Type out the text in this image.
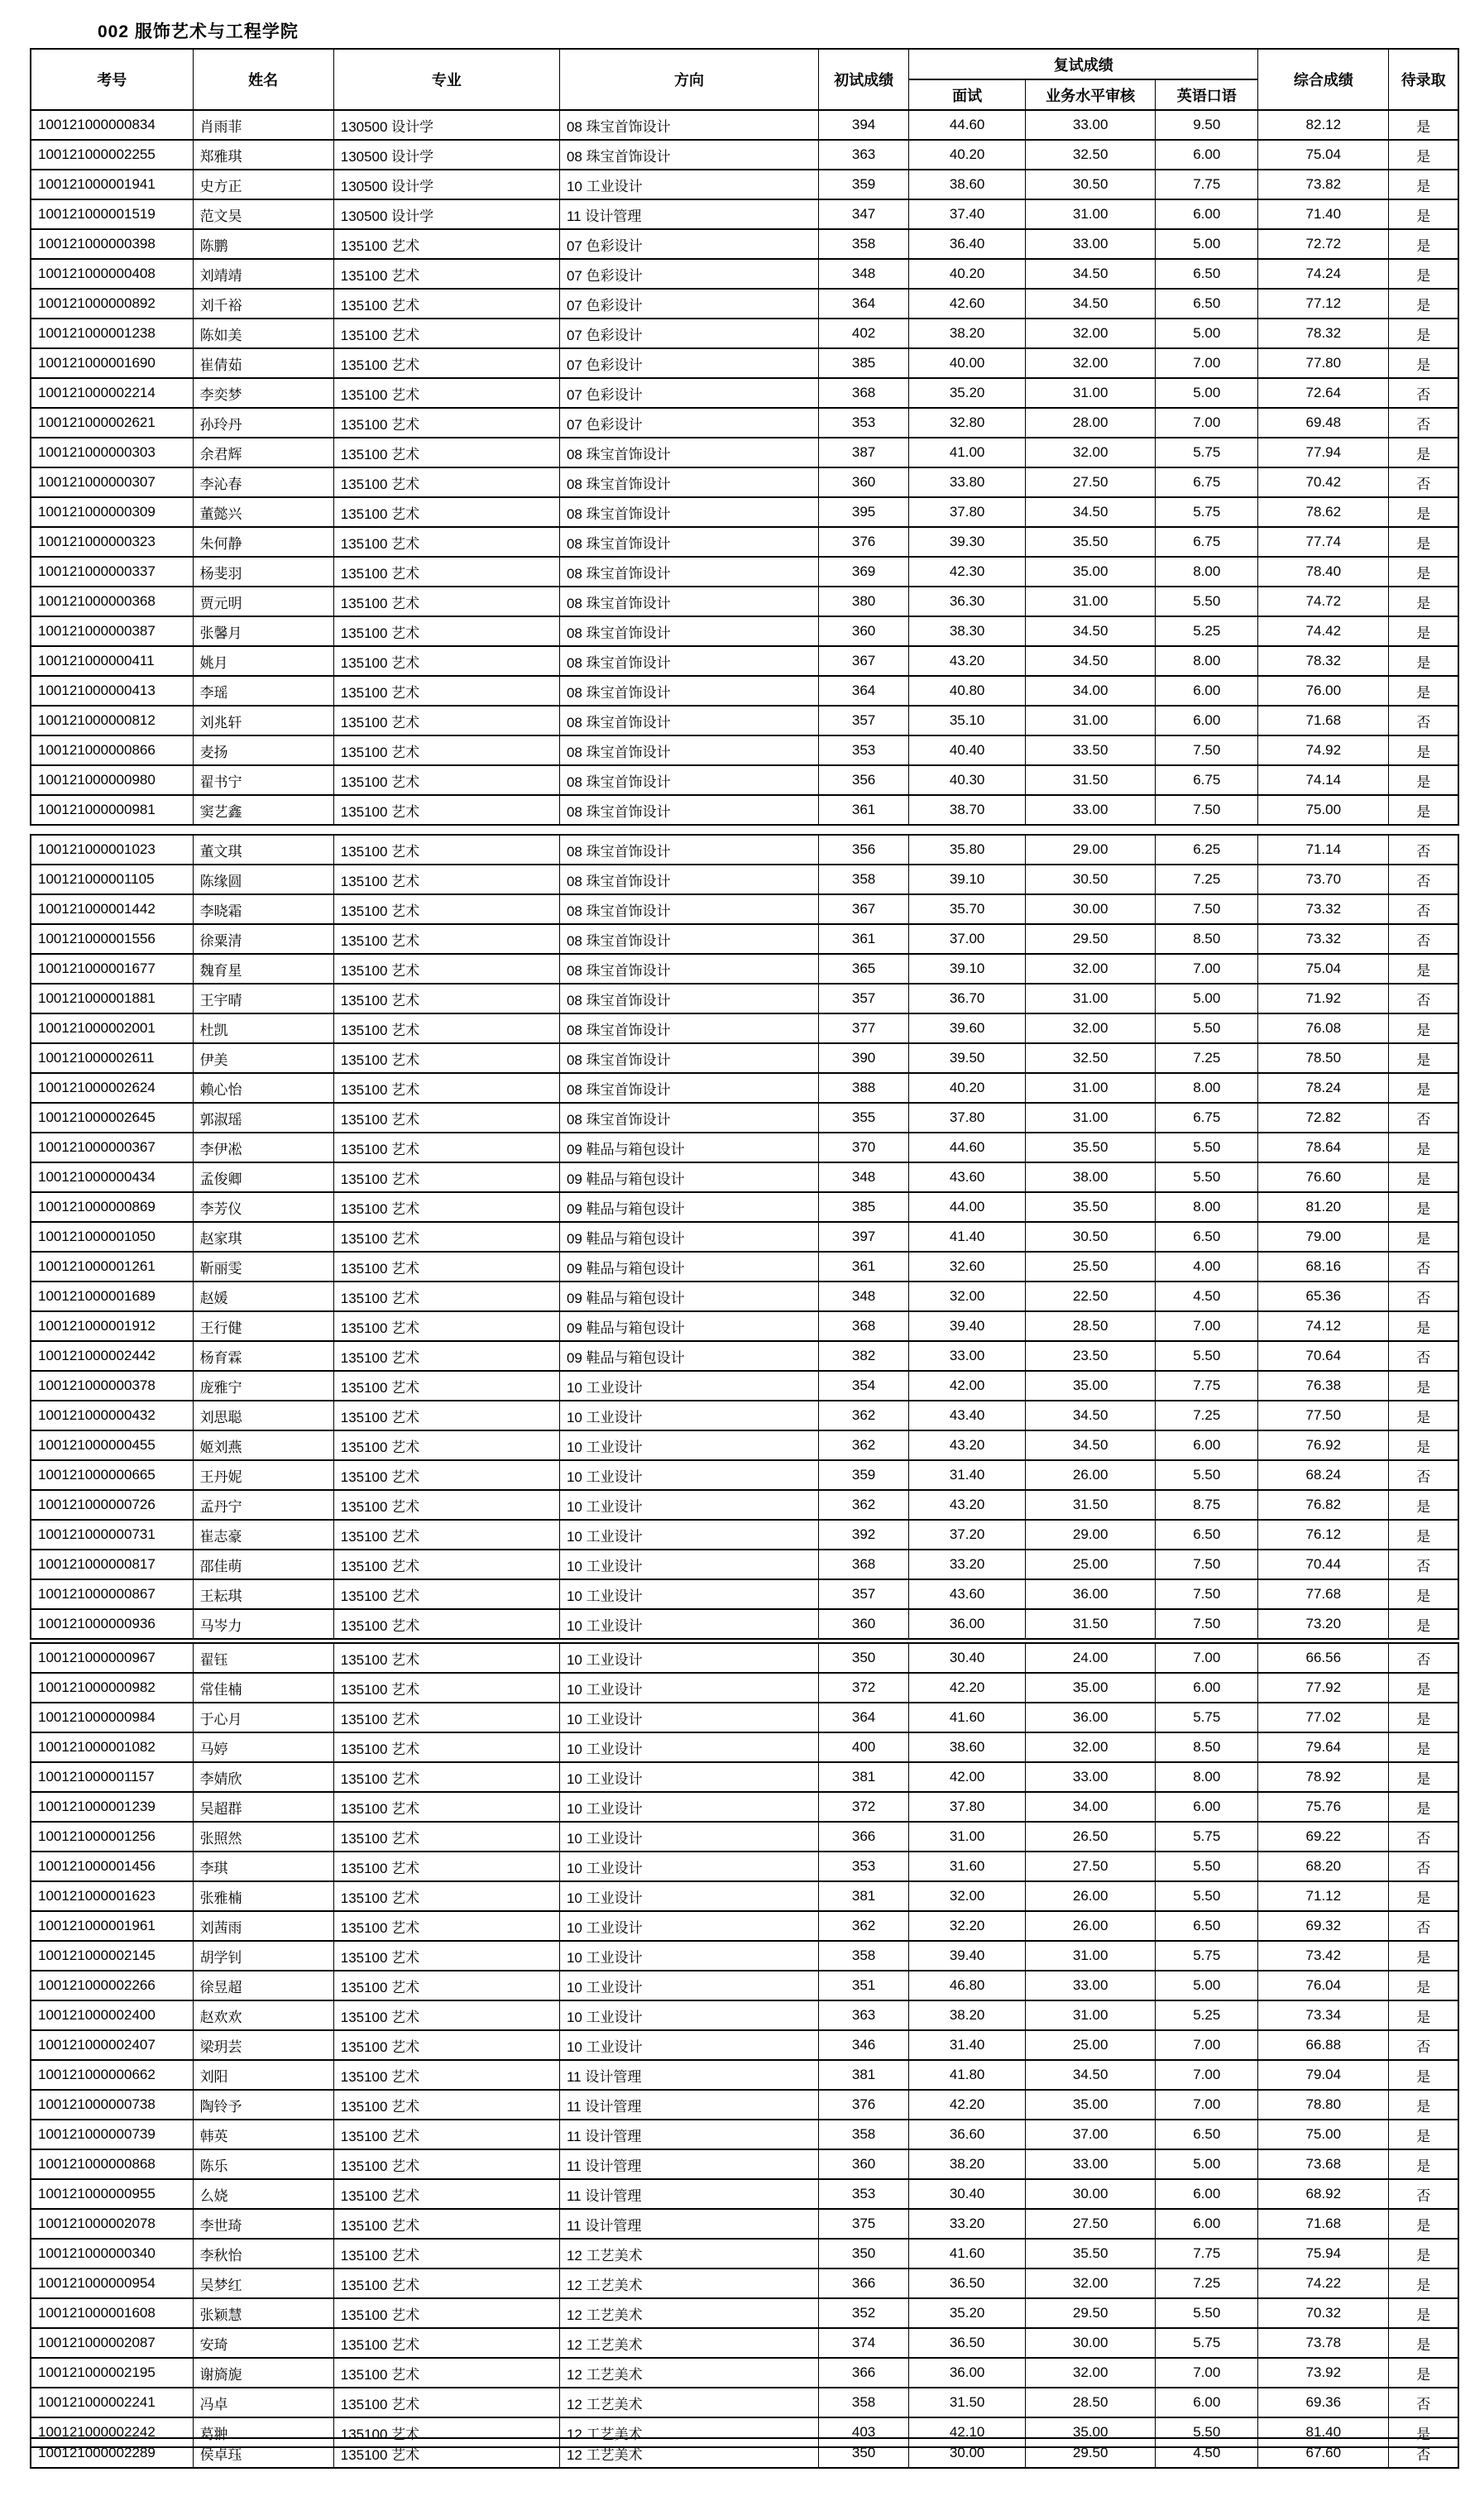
002 服饰艺术与工程学院
考号	姓名	专业	方向	初试成绩	复试成绩			综合成绩	待录取
					面试	业务水平审核	英语口语		
100121000000834	肖雨菲	130500 设计学	08 珠宝首饰设计	394	44.60	33.00	9.50	82.12	是
100121000002255	郑雅琪	130500 设计学	08 珠宝首饰设计	363	40.20	32.50	6.00	75.04	是
100121000001941	史方正	130500 设计学	10 工业设计	359	38.60	30.50	7.75	73.82	是
100121000001519	范文昊	130500 设计学	11 设计管理	347	37.40	31.00	6.00	71.40	是
100121000000398	陈鹏	135100 艺术	07 色彩设计	358	36.40	33.00	5.00	72.72	是
100121000000408	刘靖靖	135100 艺术	07 色彩设计	348	40.20	34.50	6.50	74.24	是
100121000000892	刘千裕	135100 艺术	07 色彩设计	364	42.60	34.50	6.50	77.12	是
100121000001238	陈如美	135100 艺术	07 色彩设计	402	38.20	32.00	5.00	78.32	是
100121000001690	崔倩茹	135100 艺术	07 色彩设计	385	40.00	32.00	7.00	77.80	是
100121000002214	李奕梦	135100 艺术	07 色彩设计	368	35.20	31.00	5.00	72.64	否
100121000002621	孙玲丹	135100 艺术	07 色彩设计	353	32.80	28.00	7.00	69.48	否
100121000000303	余君辉	135100 艺术	08 珠宝首饰设计	387	41.00	32.00	5.75	77.94	是
100121000000307	李沁春	135100 艺术	08 珠宝首饰设计	360	33.80	27.50	6.75	70.42	否
100121000000309	董懿兴	135100 艺术	08 珠宝首饰设计	395	37.80	34.50	5.75	78.62	是
100121000000323	朱何静	135100 艺术	08 珠宝首饰设计	376	39.30	35.50	6.75	77.74	是
100121000000337	杨斐羽	135100 艺术	08 珠宝首饰设计	369	42.30	35.00	8.00	78.40	是
100121000000368	贾元明	135100 艺术	08 珠宝首饰设计	380	36.30	31.00	5.50	74.72	是
100121000000387	张馨月	135100 艺术	08 珠宝首饰设计	360	38.30	34.50	5.25	74.42	是
100121000000411	姚月	135100 艺术	08 珠宝首饰设计	367	43.20	34.50	8.00	78.32	是
100121000000413	李瑶	135100 艺术	08 珠宝首饰设计	364	40.80	34.00	6.00	76.00	是
100121000000812	刘兆轩	135100 艺术	08 珠宝首饰设计	357	35.10	31.00	6.00	71.68	否
100121000000866	麦扬	135100 艺术	08 珠宝首饰设计	353	40.40	33.50	7.50	74.92	是
100121000000980	翟书宁	135100 艺术	08 珠宝首饰设计	356	40.30	31.50	6.75	74.14	是
100121000000981	窦艺鑫	135100 艺术	08 珠宝首饰设计	361	38.70	33.00	7.50	75.00	是
100121000001023	董文琪	135100 艺术	08 珠宝首饰设计	356	35.80	29.00	6.25	71.14	否
100121000001105	陈缘圆	135100 艺术	08 珠宝首饰设计	358	39.10	30.50	7.25	73.70	否
100121000001442	李晓霜	135100 艺术	08 珠宝首饰设计	367	35.70	30.00	7.50	73.32	否
100121000001556	徐粟清	135100 艺术	08 珠宝首饰设计	361	37.00	29.50	8.50	73.32	否
100121000001677	魏育星	135100 艺术	08 珠宝首饰设计	365	39.10	32.00	7.00	75.04	是
100121000001881	王宇晴	135100 艺术	08 珠宝首饰设计	357	36.70	31.00	5.00	71.92	否
100121000002001	杜凯	135100 艺术	08 珠宝首饰设计	377	39.60	32.00	5.50	76.08	是
100121000002611	伊美	135100 艺术	08 珠宝首饰设计	390	39.50	32.50	7.25	78.50	是
100121000002624	赖心怡	135100 艺术	08 珠宝首饰设计	388	40.20	31.00	8.00	78.24	是
100121000002645	郭淑瑶	135100 艺术	08 珠宝首饰设计	355	37.80	31.00	6.75	72.82	否
100121000000367	李伊凇	135100 艺术	09 鞋品与箱包设计	370	44.60	35.50	5.50	78.64	是
100121000000434	孟俊卿	135100 艺术	09 鞋品与箱包设计	348	43.60	38.00	5.50	76.60	是
100121000000869	李芳仪	135100 艺术	09 鞋品与箱包设计	385	44.00	35.50	8.00	81.20	是
100121000001050	赵家琪	135100 艺术	09 鞋品与箱包设计	397	41.40	30.50	6.50	79.00	是
100121000001261	靳丽雯	135100 艺术	09 鞋品与箱包设计	361	32.60	25.50	4.00	68.16	否
100121000001689	赵媛	135100 艺术	09 鞋品与箱包设计	348	32.00	22.50	4.50	65.36	否
100121000001912	王行健	135100 艺术	09 鞋品与箱包设计	368	39.40	28.50	7.00	74.12	是
100121000002442	杨育霖	135100 艺术	09 鞋品与箱包设计	382	33.00	23.50	5.50	70.64	否
100121000000378	庞雅宁	135100 艺术	10 工业设计	354	42.00	35.00	7.75	76.38	是
100121000000432	刘思聪	135100 艺术	10 工业设计	362	43.40	34.50	7.25	77.50	是
100121000000455	姬刘燕	135100 艺术	10 工业设计	362	43.20	34.50	6.00	76.92	是
100121000000665	王丹妮	135100 艺术	10 工业设计	359	31.40	26.00	5.50	68.24	否
100121000000726	孟丹宁	135100 艺术	10 工业设计	362	43.20	31.50	8.75	76.82	是
100121000000731	崔志豪	135100 艺术	10 工业设计	392	37.20	29.00	6.50	76.12	是
100121000000817	邵佳萌	135100 艺术	10 工业设计	368	33.20	25.00	7.50	70.44	否
100121000000867	王耘琪	135100 艺术	10 工业设计	357	43.60	36.00	7.50	77.68	是
100121000000936	马岑力	135100 艺术	10 工业设计	360	36.00	31.50	7.50	73.20	是
100121000000967	翟钰	135100 艺术	10 工业设计	350	30.40	24.00	7.00	66.56	否
100121000000982	常佳楠	135100 艺术	10 工业设计	372	42.20	35.00	6.00	77.92	是
100121000000984	于心月	135100 艺术	10 工业设计	364	41.60	36.00	5.75	77.02	是
100121000001082	马婷	135100 艺术	10 工业设计	400	38.60	32.00	8.50	79.64	是
100121000001157	李婧欣	135100 艺术	10 工业设计	381	42.00	33.00	8.00	78.92	是
100121000001239	吴超群	135100 艺术	10 工业设计	372	37.80	34.00	6.00	75.76	是
100121000001256	张照然	135100 艺术	10 工业设计	366	31.00	26.50	5.75	69.22	否
100121000001456	李琪	135100 艺术	10 工业设计	353	31.60	27.50	5.50	68.20	否
100121000001623	张雅楠	135100 艺术	10 工业设计	381	32.00	26.00	5.50	71.12	是
100121000001961	刘茜雨	135100 艺术	10 工业设计	362	32.20	26.00	6.50	69.32	否
100121000002145	胡学钊	135100 艺术	10 工业设计	358	39.40	31.00	5.75	73.42	是
100121000002266	徐昱超	135100 艺术	10 工业设计	351	46.80	33.00	5.00	76.04	是
100121000002400	赵欢欢	135100 艺术	10 工业设计	363	38.20	31.00	5.25	73.34	是
100121000002407	梁玥芸	135100 艺术	10 工业设计	346	31.40	25.00	7.00	66.88	否
100121000000662	刘阳	135100 艺术	11 设计管理	381	41.80	34.50	7.00	79.04	是
100121000000738	陶铃予	135100 艺术	11 设计管理	376	42.20	35.00	7.00	78.80	是
100121000000739	韩英	135100 艺术	11 设计管理	358	36.60	37.00	6.50	75.00	是
100121000000868	陈乐	135100 艺术	11 设计管理	360	38.20	33.00	5.00	73.68	是
100121000000955	么娆	135100 艺术	11 设计管理	353	30.40	30.00	6.00	68.92	否
100121000002078	李世琦	135100 艺术	11 设计管理	375	33.20	27.50	6.00	71.68	是
100121000000340	李秋怡	135100 艺术	12 工艺美术	350	41.60	35.50	7.75	75.94	是
100121000000954	吴梦红	135100 艺术	12 工艺美术	366	36.50	32.00	7.25	74.22	是
100121000001608	张颖慧	135100 艺术	12 工艺美术	352	35.20	29.50	5.50	70.32	是
100121000002087	安琦	135100 艺术	12 工艺美术	374	36.50	30.00	5.75	73.78	是
100121000002195	谢旖旎	135100 艺术	12 工艺美术	366	36.00	32.00	7.00	73.92	是
100121000002241	冯卓	135100 艺术	12 工艺美术	358	31.50	28.50	6.00	69.36	否
100121000002242	葛翀	135100 艺术	12 工艺美术	403	42.10	35.00	5.50	81.40	是
100121000002289	侯卓珏	135100 艺术	12 工艺美术	350	30.00	29.50	4.50	67.60	否
